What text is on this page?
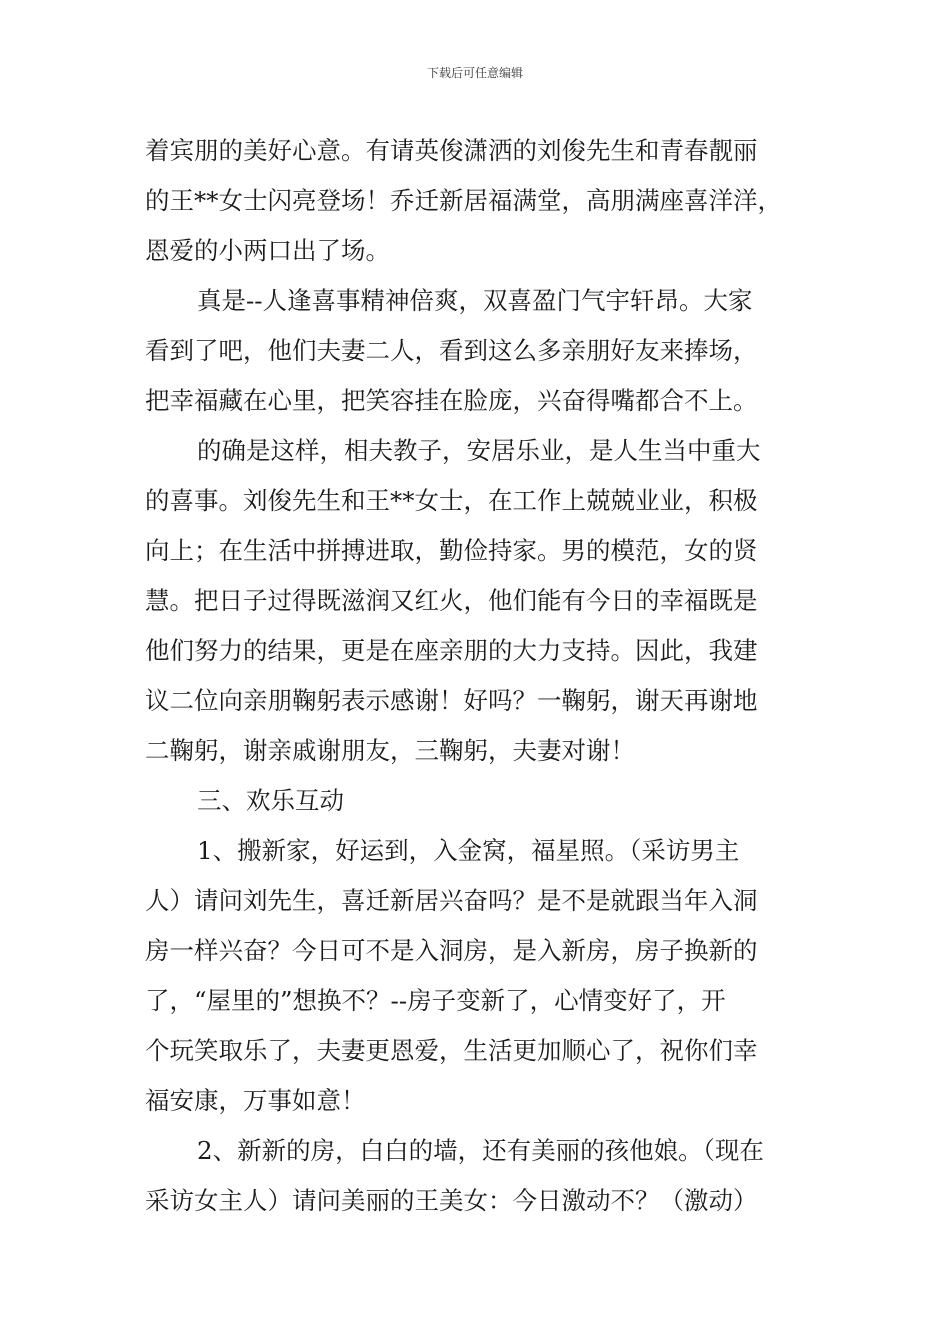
下载后可任意编辑
着宾朋的美好心意。有请英俊潇洒的刘俊先生和青春靓丽
的王**女士闪亮登场！乔迁新居福满堂，高朋满座喜洋洋，
恩爱的小两口出了场。
真是--人逢喜事精神倍爽，双喜盈门气宇轩昂。大家
看到了吧，他们夫妻二人，看到这么多亲朋好友来捧场，
把幸福藏在心里，把笑容挂在脸庞，兴奋得嘴都合不上。
的确是这样，相夫教子，安居乐业，是人生当中重大
的喜事。刘俊先生和王**女士，在工作上兢兢业业，积极
向上；在生活中拼搏进取，勤俭持家。男的模范，女的贤
慧。把日子过得既滋润又红火，他们能有今日的幸福既是
他们努力的结果，更是在座亲朋的大力支持。因此，我建
议二位向亲朋鞠躬表示感谢！好吗？一鞠躬，谢天再谢地
二鞠躬，谢亲戚谢朋友，三鞠躬，夫妻对谢！
三、欢乐互动
1、搬新家，好运到，入金窝，福星照。（采访男主
人）请问刘先生，喜迁新居兴奋吗？是不是就跟当年入洞
房一样兴奋？今日可不是入洞房，是入新房，房子换新的
了，“屋里的”想换不？--房子变新了，心情变好了，开
个玩笑取乐了，夫妻更恩爱，生活更加顺心了，祝你们幸
福安康，万事如意！
2、新新的房，白白的墙，还有美丽的孩他娘。（现在
采访女主人）请问美丽的王美女：今日激动不？（激动）
